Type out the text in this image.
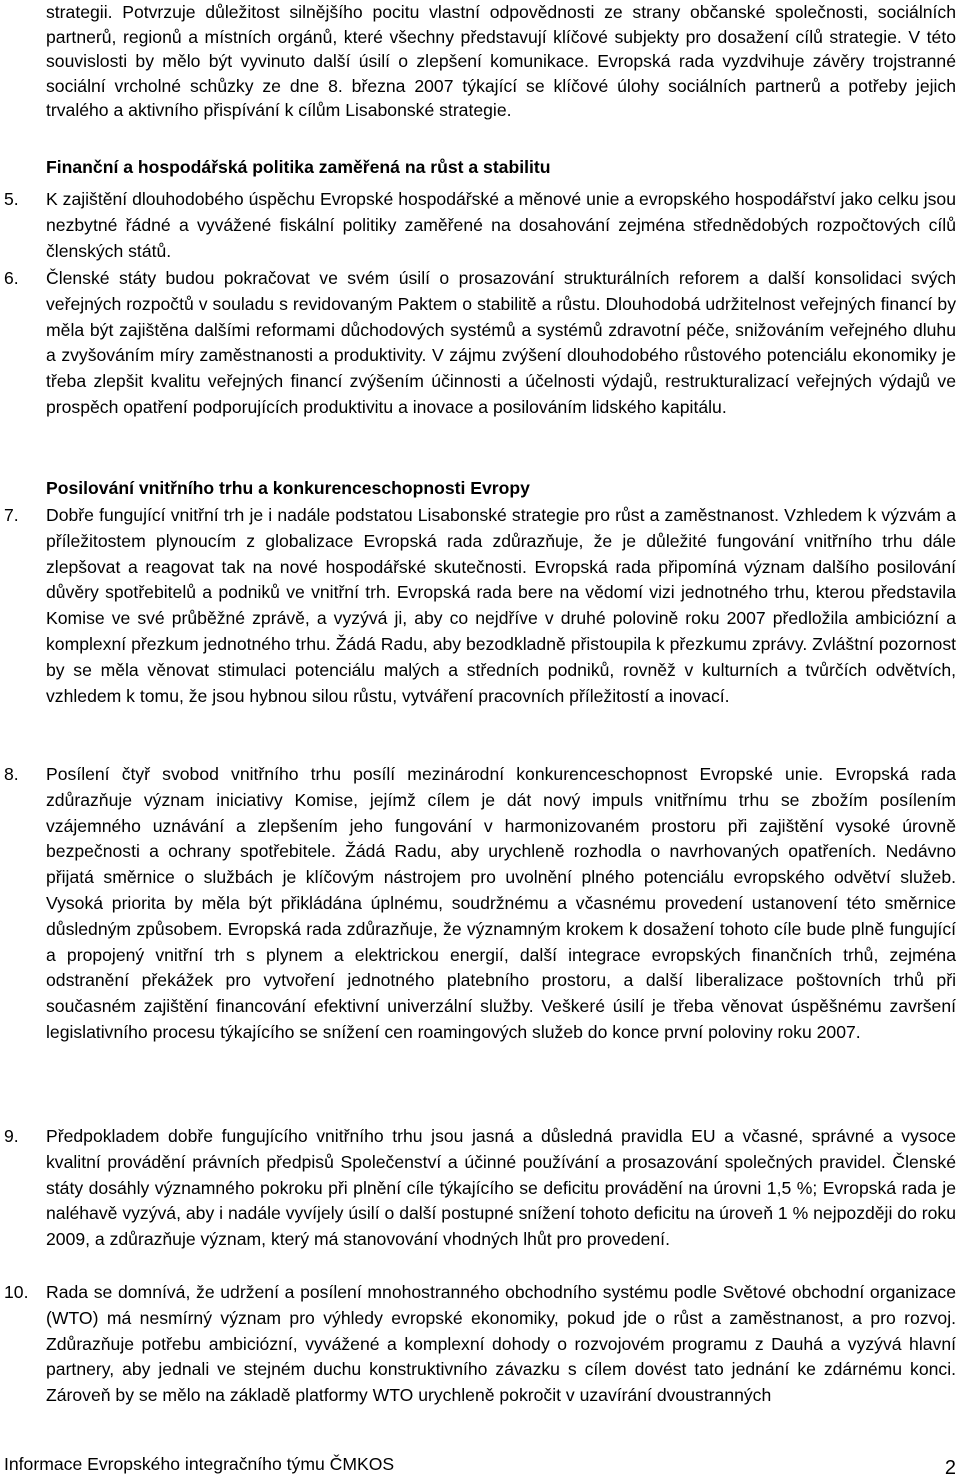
strategii. Potvrzuje důležitost silnějšího pocitu vlastní odpovědnosti ze strany občanské společnosti, sociálních partnerů, regionů a místních orgánů, které všechny představují klíčové subjekty pro dosažení cílů strategie. V této souvislosti by mělo být vyvinuto další úsilí o zlepšení komunikace. Evropská rada vyzdvihuje závěry trojstranné sociální vrcholné schůzky ze dne 8. března 2007 týkající se klíčové úlohy sociálních partnerů a potřeby jejich trvalého a aktivního přispívání k cílům Lisabonské strategie.
Finanční a hospodářská politika zaměřená na růst a stabilitu
5. K zajištění dlouhodobého úspěchu Evropské hospodářské a měnové unie a evropského hospodářství jako celku jsou nezbytné řádné a vyvážené fiskální politiky zaměřené na dosahování zejména střednědobých rozpočtových cílů členských států.
6. Členské státy budou pokračovat ve svém úsilí o prosazování strukturálních reforem a další konsolidaci svých veřejných rozpočtů v souladu s revidovaným Paktem o stabilitě a růstu. Dlouhodobá udržitelnost veřejných financí by měla být zajištěna dalšími reformami důchodových systémů a systémů zdravotní péče, snižováním veřejného dluhu a zvyšováním míry zaměstnanosti a produktivity. V zájmu zvýšení dlouhodobého růstového potenciálu ekonomiky je třeba zlepšit kvalitu veřejných financí zvýšením účinnosti a účelnosti výdajů, restrukturalizací veřejných výdajů ve prospěch opatření podporujících produktivitu a inovace a posilováním lidského kapitálu.
Posilování vnitřního trhu a konkurenceschopnosti Evropy
7. Dobře fungující vnitřní trh je i nadále podstatou Lisabonské strategie pro růst a zaměstnanost. Vzhledem k výzvám a příležitostem plynoucím z globalizace Evropská rada zdůrazňuje, že je důležité fungování vnitřního trhu dále zlepšovat a reagovat tak na nové hospodářské skutečnosti. Evropská rada připomíná význam dalšího posilování důvěry spotřebitelů a podniků ve vnitřní trh. Evropská rada bere na vědomí vizi jednotného trhu, kterou představila Komise ve své průběžné zprávě, a vyzývá ji, aby co nejdříve v druhé polovině roku 2007 předložila ambiciózní a komplexní přezkum jednotného trhu. Žádá Radu, aby bezodkladně přistoupila k přezkumu zprávy. Zvláštní pozornost by se měla věnovat stimulaci potenciálu malých a středních podniků, rovněž v kulturních a tvůrčích odvětvích, vzhledem k tomu, že jsou hybnou silou růstu, vytváření pracovních příležitostí a inovací.
8. Posílení čtyř svobod vnitřního trhu posílí mezinárodní konkurenceschopnost Evropské unie. Evropská rada zdůrazňuje význam iniciativy Komise, jejímž cílem je dát nový impuls vnitřnímu trhu se zbožím posílením vzájemného uznávání a zlepšením jeho fungování v harmonizovaném prostoru při zajištění vysoké úrovně bezpečnosti a ochrany spotřebitele. Žádá Radu, aby urychleně rozhodla o navrhovaných opatřeních. Nedávno přijatá směrnice o službách je klíčovým nástrojem pro uvolnění plného potenciálu evropského odvětví služeb. Vysoká priorita by měla být přikládána úplnému, soudržnému a včasnému provedení ustanovení této směrnice důsledným způsobem. Evropská rada zdůrazňuje, že významným krokem k dosažení tohoto cíle bude plně fungující a propojený vnitřní trh s plynem a elektrickou energií, další integrace evropských finančních trhů, zejména odstranění překážek pro vytvoření jednotného platebního prostoru, a další liberalizace poštovních trhů při současném zajištění financování efektivní univerzální služby. Veškeré úsilí je třeba věnovat úspěšnému završení legislativního procesu týkajícího se snížení cen roamingových služeb do konce první poloviny roku 2007.
9. Předpokladem dobře fungujícího vnitřního trhu jsou jasná a důsledná pravidla EU a včasné, správné a vysoce kvalitní provádění právních předpisů Společenství a účinné používání a prosazování společných pravidel. Členské státy dosáhly významného pokroku při plnění cíle týkajícího se deficitu provádění na úrovni 1,5 %; Evropská rada je naléhavě vyzývá, aby i nadále vyvíjely úsilí o další postupné snížení tohoto deficitu na úroveň 1 % nejpozději do roku 2009, a zdůrazňuje význam, který má stanovování vhodných lhůt pro provedení.
10. Rada se domnívá, že udržení a posílení mnohostranného obchodního systému podle Světové obchodní organizace (WTO) má nesmírný význam pro výhledy evropské ekonomiky, pokud jde o růst a zaměstnanost, a pro rozvoj. Zdůrazňuje potřebu ambiciózní, vyvážené a komplexní dohody o rozvojovém programu z Dauhá a vyzývá hlavní partnery, aby jednali ve stejném duchu konstruktivního závazku s cílem dovést tato jednání ke zdárnému konci. Zároveň by se mělo na základě platformy WTO urychleně pokročit v uzavírání dvoustranných
Informace Evropského integračního týmu ČMKOS	2
